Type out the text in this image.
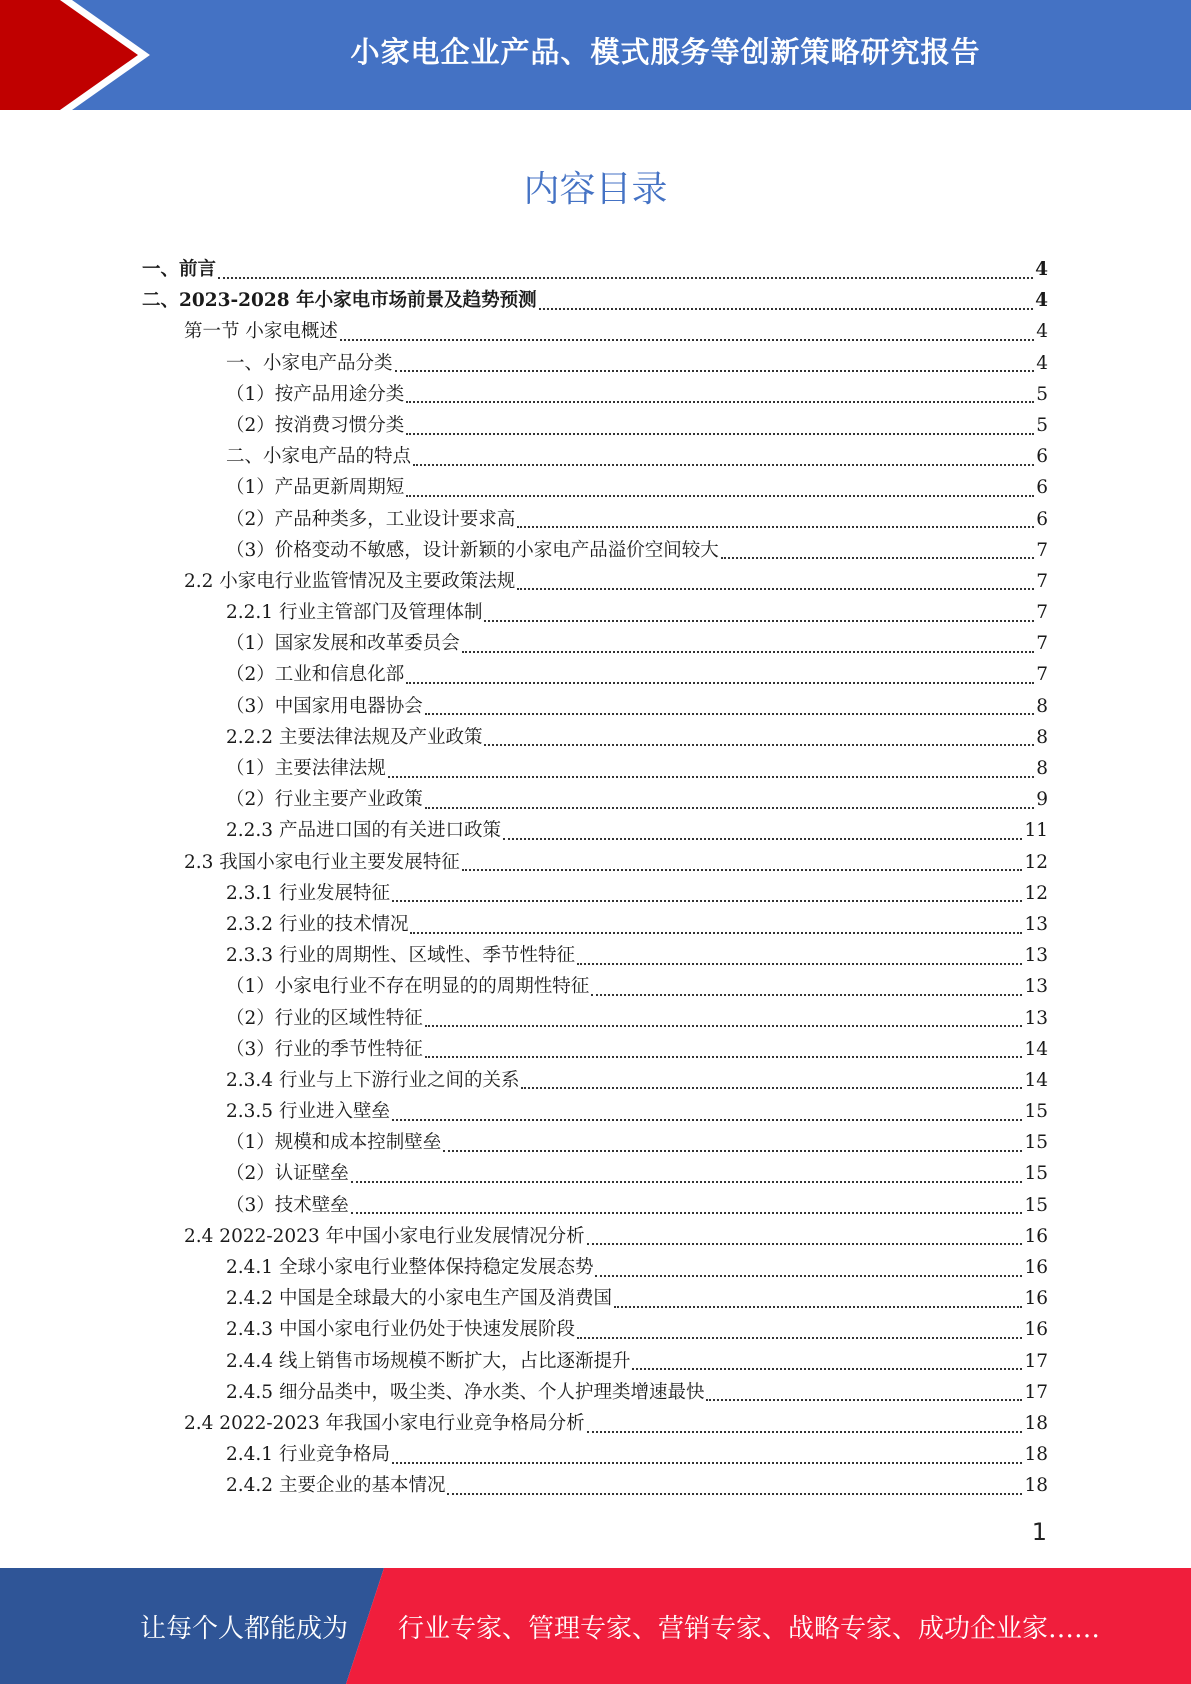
小家电企业产品、模式服务等创新策略研究报告
内容目录
一、前言	4
二、2023-2028 年小家电市场前景及趋势预测	4
第一节 小家电概述	4
一、小家电产品分类	4
（1）按产品用途分类	5
（2）按消费习惯分类	5
二、小家电产品的特点	6
（1）产品更新周期短	6
（2）产品种类多，工业设计要求高	6
（3）价格变动不敏感，设计新颖的小家电产品溢价空间较大	7
2.2 小家电行业监管情况及主要政策法规	7
2.2.1 行业主管部门及管理体制	7
（1）国家发展和改革委员会	7
（2）工业和信息化部	7
（3）中国家用电器协会	8
2.2.2 主要法律法规及产业政策	8
（1）主要法律法规	8
（2）行业主要产业政策	9
2.2.3 产品进口国的有关进口政策	11
2.3 我国小家电行业主要发展特征	12
2.3.1 行业发展特征	12
2.3.2 行业的技术情况	13
2.3.3 行业的周期性、区域性、季节性特征	13
（1）小家电行业不存在明显的的周期性特征	13
（2）行业的区域性特征	13
（3）行业的季节性特征	14
2.3.4 行业与上下游行业之间的关系	14
2.3.5 行业进入壁垒	15
（1）规模和成本控制壁垒	15
（2）认证壁垒	15
（3）技术壁垒	15
2.4 2022-2023 年中国小家电行业发展情况分析	16
2.4.1 全球小家电行业整体保持稳定发展态势	16
2.4.2 中国是全球最大的小家电生产国及消费国	16
2.4.3 中国小家电行业仍处于快速发展阶段	16
2.4.4 线上销售市场规模不断扩大，占比逐渐提升	17
2.4.5 细分品类中，吸尘类、净水类、个人护理类增速最快	17
2.4 2022-2023 年我国小家电行业竞争格局分析	18
2.4.1 行业竞争格局	18
2.4.2 主要企业的基本情况	18
1
让每个人都能成为 行业专家、管理专家、营销专家、战略专家、成功企业家……
